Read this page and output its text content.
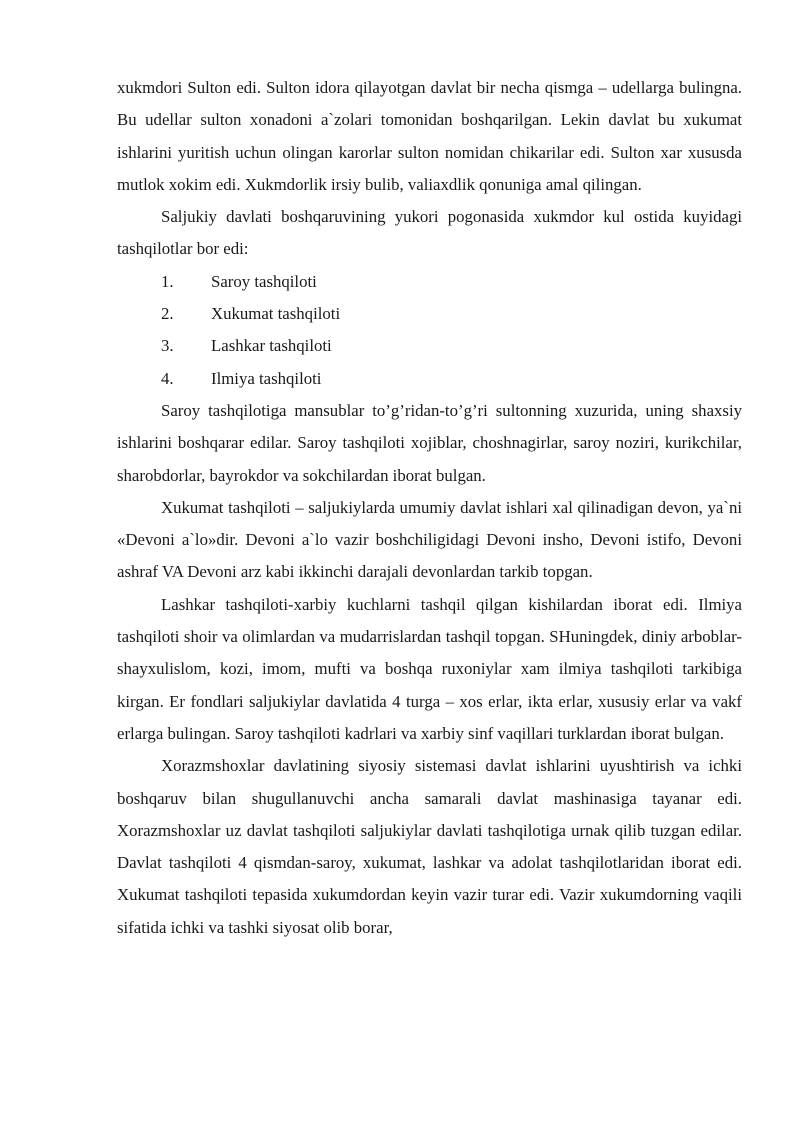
xukmdori Sulton edi. Sulton idora qilayotgan davlat bir necha qismga – udellarga bulingna. Bu udellar sulton xonadoni a`zolari tomonidan boshqarilgan. Lekin davlat bu xukumat ishlarini yuritish uchun olingan karorlar sulton nomidan chikarilar edi. Sulton xar xususda mutlok xokim edi. Xukmdorlik irsiy bulib, valiaxdlik qonuniga amal qilingan.

Saljukiy davlati boshqaruvining yukori pogonasida xukmdor kul ostida kuyidagi tashqilotlar bor edi:

1.	Saroy tashqiloti
2.	Xukumat tashqiloti
3.	Lashkar tashqiloti
4.	Ilmiya tashqiloti

Saroy tashqilotiga mansublar to’g’ridan-to’g’ri sultonning xuzurida, uning shaxsiy ishlarini boshqarar edilar. Saroy tashqiloti xojiblar, choshnagirlar, saroy noziri, kurikchilar, sharobdorlar, bayrokdor va sokchilardan iborat bulgan.

Xukumat tashqiloti – saljukiylarda umumiy davlat ishlari xal qilinadigan devon, ya`ni «Devoni a`lo»dir. Devoni a`lo vazir boshchiligidagi Devoni insho, Devoni istifo, Devoni ashraf VA Devoni arz kabi ikkinchi darajali devonlardan tarkib topgan.

Lashkar tashqiloti-xarbiy kuchlarni tashqil qilgan kishilardan iborat edi. Ilmiya tashqiloti shoir va olimlardan va mudarrislardan tashqil topgan. SHuningdek, diniy arboblar-shayxulislom, kozi, imom, mufti va boshqa ruxoniylar xam ilmiya tashqiloti tarkibiga kirgan. Er fondlari saljukiylar davlatida 4 turga – xos erlar, ikta erlar, xususiy erlar va vakf erlarga bulingan. Saroy tashqiloti kadrlari va xarbiy sinf vaqillari turklardan iborat bulgan.

Xorazmshoxlar davlatining siyosiy sistemasi davlat ishlarini uyushtirish va ichki boshqaruv bilan shugullanuvchi ancha samarali davlat mashinasiga tayanar edi. Xorazmshoxlar uz davlat tashqiloti saljukiylar davlati tashqilotiga urnak qilib tuzgan edilar. Davlat tashqiloti 4 qismdan-saroy, xukumat, lashkar va adolat tashqilotlaridan iborat edi. Xukumat tashqiloti tepasida xukumdordan keyin vazir turar edi. Vazir xukumdorning vaqili sifatida ichki va tashki siyosat olib borar,
